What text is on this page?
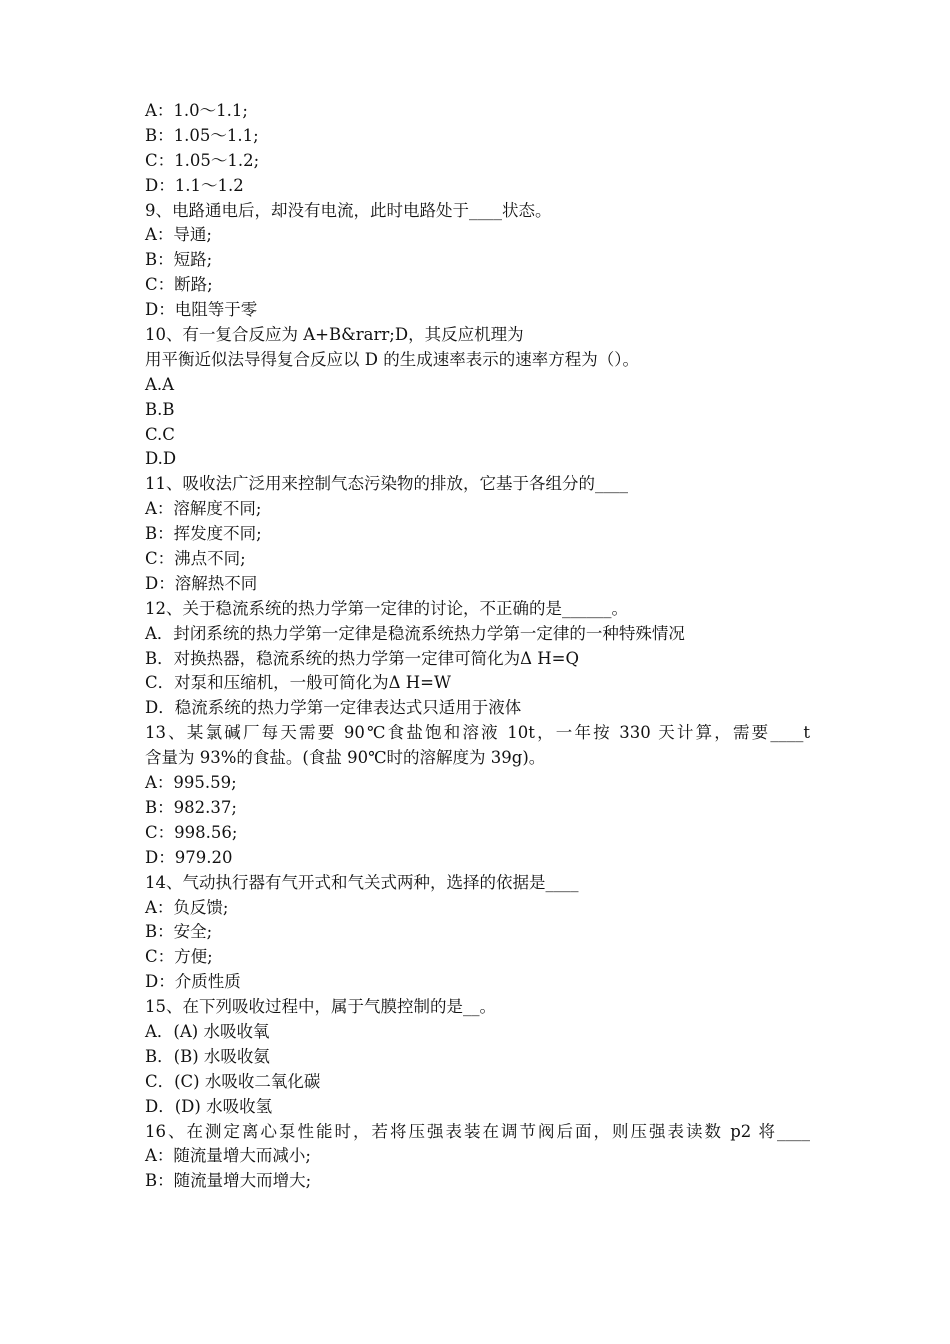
A：1.0～1.1;
B：1.05～1.1;
C：1.05～1.2;
D：1.1～1.2
9、电路通电后，却没有电流，此时电路处于____状态。
A：导通;
B：短路;
C：断路;
D：电阻等于零
10、有一复合反应为 A+B&rarr;D，其反应机理为
用平衡近似法导得复合反应以 D 的生成速率表示的速率方程为（）。
A.A
B.B
C.C
D.D
11、吸收法广泛用来控制气态污染物的排放，它基于各组分的____
A：溶解度不同;
B：挥发度不同;
C：沸点不同;
D：溶解热不同
12、关于稳流系统的热力学第一定律的讨论，不正确的是______。
A．封闭系统的热力学第一定律是稳流系统热力学第一定律的一种特殊情况
B．对换热器，稳流系统的热力学第一定律可简化为Δ H=Q
C．对泵和压缩机，一般可简化为Δ H=W
D．稳流系统的热力学第一定律表达式只适用于液体
13、某氯碱厂每天需要 90℃食盐饱和溶液 10t，一年按 330 天计算，需要____t
含量为 93%的食盐。(食盐 90℃时的溶解度为 39g)。
A：995.59;
B：982.37;
C：998.56;
D：979.20
14、气动执行器有气开式和气关式两种，选择的依据是____
A：负反馈;
B：安全;
C：方便;
D：介质性质
15、在下列吸收过程中，属于气膜控制的是__。
A．(A) 水吸收氧
B．(B) 水吸收氨
C．(C) 水吸收二氧化碳
D．(D) 水吸收氢
16、在测定离心泵性能时，若将压强表装在调节阀后面，则压强表读数 p2 将____
A：随流量增大而减小;
B：随流量增大而增大;
